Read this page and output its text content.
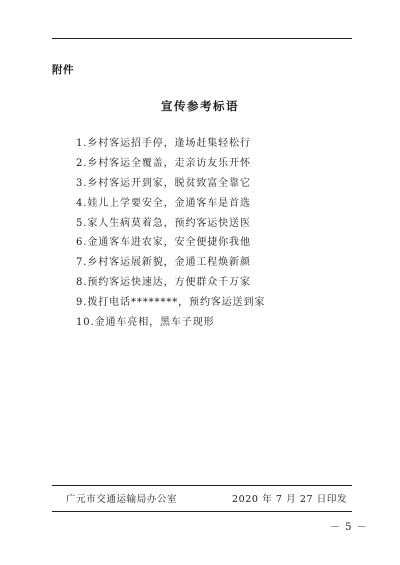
附件
宣传参考标语
1.乡村客运招手停，逢场赶集轻松行
2.乡村客运全覆盖，走亲访友乐开怀
3.乡村客运开到家，脱贫致富全靠它
4.娃儿上学要安全，金通客车是首选
5.家人生病莫着急，预约客运快送医
6.金通客车进农家，安全便捷你我他
7.乡村客运展新貌，金通工程焕新颜
8.预约客运快速达，方便群众千万家
9.拨打电话********，预约客运送到家
10.金通车亮相，黑车子现形
广元市交通运输局办公室	2020 年 7 月 27 日印发
－ 5 －
